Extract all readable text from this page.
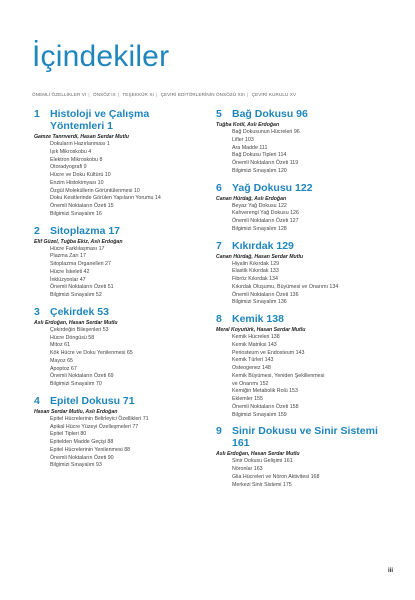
İçindekiler
ÖNEMLİ ÖZELLİKLER VI | ÖNSÖZ IX | TEŞEKKÜR XI | ÇEVİRİ EDİTÖRLERİNİN ÖNSÖZÜ XIII | ÇEVİRİ KURULU XV
1 Histoloji ve Çalışma
Yöntemleri 1
Gamze Tanrıverdi, Hasan Serdar Mutlu
Dokuların Hazırlanması 1
Işık Mikroskobu 4
Elektron Mikroskobu 8
Otoradyografi 9
Hücre ve Doku Kültürü 10
Enzim Histokimyası 10
Özgül Moleküllerin Görüntülenmesi 10
Doku Kesitlerinde Görülen Yapıların Yorumu 14
Önemli Noktaların Özeti 15
Bilgimizi Sınayalım 16
2 Sitoplazma 17
Elif Güzel, Tuğba Ekiz, Aslı Erdoğan
Hücre Farklılaşması 17
Plazma Zarı 17
Sitoplazma Organelleri 27
Hücre İskeleti 42
İnklüzyonlar 47
Önemli Noktaların Özeti 51
Bilgimizi Sınayalım 52
3 Çekirdek 53
Aslı Erdoğan, Hasan Serdar Mutlu
Çekirdeğin Bileşenleri 53
Hücre Döngüsü 58
Mitoz 61
Kök Hücre ve Doku Yenilenmesi 65
Mayoz 65
Apoptoz 67
Önemli Noktaların Özeti 69
Bilgimizi Sınayalım 70
4 Epitel Dokusu 71
Hasan Serdar Mutlu, Aslı Erdoğan
Epitel Hücrelerinin Belirleyici Özellikleri 71
Apikal Hücre Yüzeyi Özelleşmeleri 77
Epitel Tipleri 80
Epitelden Madde Geçişi 88
Epitel Hücrelerinin Yenilenmesi 88
Önemli Noktaların Özeti 90
Bilgimizi Sınayalım 93
5 Bağ Dokusu 96
Tuğba Kotil, Aslı Erdoğan
Bağ Dokusunun Hücreleri 96
Lifler 103
Ara Madde 111
Bağ Dokusu Tipleri 114
Önemli Noktaların Özeti 119
Bilgimizi Sınayalım 120
6 Yağ Dokusu 122
Canan Hürdağ, Aslı Erdoğan
Beyaz Yağ Dokusu 122
Kahverengi Yağ Dokusu 126
Önemli Noktaların Özeti 127
Bilgimizi Sınayalım 128
7 Kıkırdak 129
Canan Hürdağ, Hasan Serdar Mutlu
Hiyalin Kıkırdak 129
Elastik Kıkırdak 133
Fibröz Kıkırdak 134
Kıkırdak Oluşumu, Büyümesi ve Onarımı 134
Önemli Noktaların Özeti 136
Bilgimizi Sınayalım 136
8 Kemik 138
Meral Koyutürk, Hasan Serdar Mutlu
Kemik Hücreleri 138
Kemik Matriksi 143
Periosteum ve Endosteum 143
Kemik Türleri 143
Osteogenez 148
Kemik Büyümesi, Yeniden Şekillenmesi
ve Onarımı 152
Kemiğin Metabolik Rolü 153
Eklemler 155
Önemli Noktaların Özeti 158
Bilgimizi Sınayalım 159
9 Sinir Dokusu ve Sinir Sistemi 161
Aslı Erdoğan, Hasan Serdar Mutlu
Sinir Dokusu Gelişimi 161
Nöronlar 163
Glia Hücreleri ve Nöron Aktivitesi 168
Merkezi Sinir Sistemi 175
iii
